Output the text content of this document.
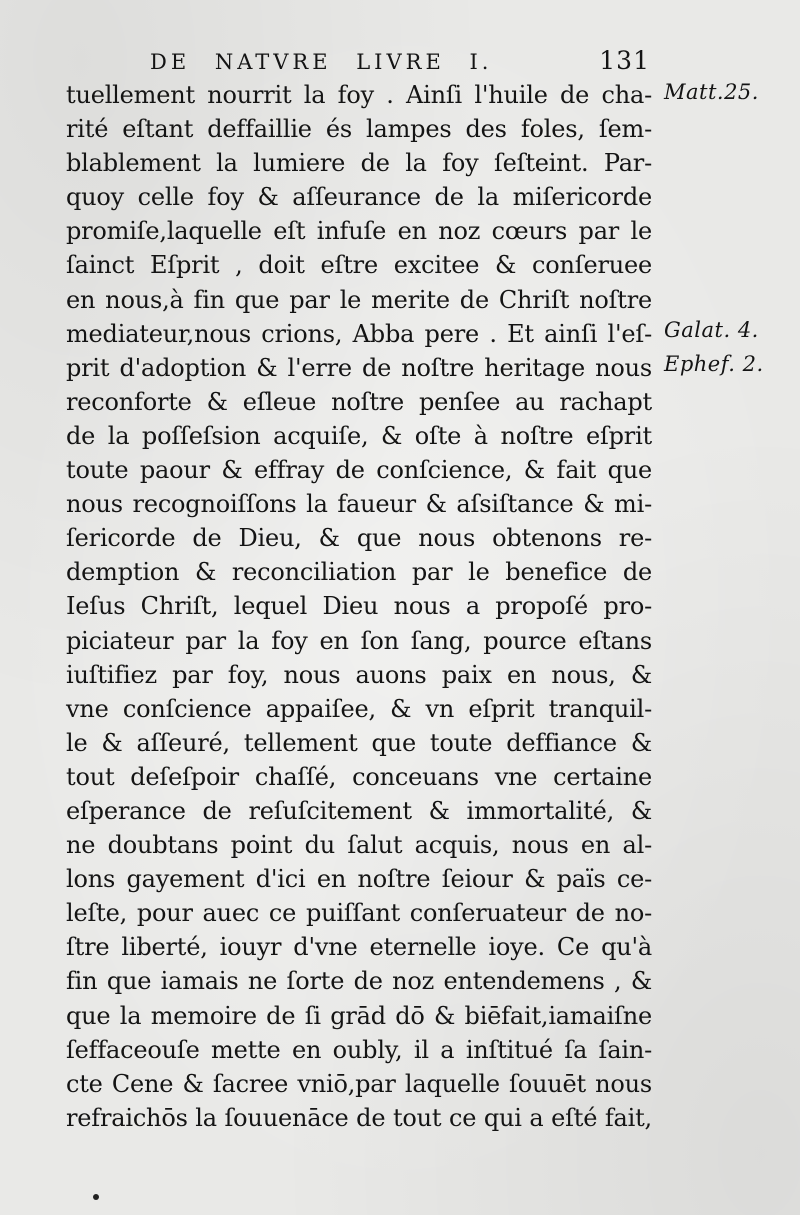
DE NATVRE LIVRE I.	131
tuellement nourrit la foy . Ainſi l'huile de cha-
rité eſtant deffaillie és lampes des foles, ſem-
blablement la lumiere de la foy ſeſteint. Par-
quoy celle foy & aſſeurance de la miſericorde
promiſe,laquelle eſt infuſe en noz cœurs par le
ſainct Eſprit , doit eſtre excitee & conſeruee
en nous,à fin que par le merite de Chriſt noſtre
mediateur,nous crions, Abba pere . Et ainſi l'eſ-
prit d'adoption & l'erre de noſtre heritage nous
reconforte & eſleue noſtre penſee au rachapt
de la poſſeſsion acquiſe, & oſte à noſtre eſprit
toute paour & effray de conſcience, & fait que
nous recognoiſſons la faueur & aſsiſtance & mi-
ſericorde de Dieu, & que nous obtenons re-
demption & reconciliation par le benefice de
Ieſus Chriſt, lequel Dieu nous a propoſé pro-
piciateur par la foy en ſon ſang, pource eſtans
iuſtifiez par foy, nous auons paix en nous, &
vne conſcience appaiſee, & vn eſprit tranquil-
le & aſſeuré, tellement que toute deffiance &
tout deſeſpoir chaſſé, conceuans vne certaine
eſperance de reſuſcitement & immortalité, &
ne doubtans point du ſalut acquis, nous en al-
lons gayement d'ici en noſtre ſeiour & païs ce-
leſte, pour auec ce puiſſant conſeruateur de no-
ſtre liberté, iouyr d'vne eternelle ioye. Ce qu'à
fin que iamais ne ſorte de noz entendemens , &
que la memoire de ſi grād dō & biēfait,iamaiſne
ſeffaceouſe mette en oubly, il a inſtitué ſa ſain-
cte Cene & ſacree vniō,par laquelle ſouuēt nous
refraichōs la ſouuenāce de tout ce qui a eſté fait,
Matt.25.
Galat. 4.
Ephef. 2.
